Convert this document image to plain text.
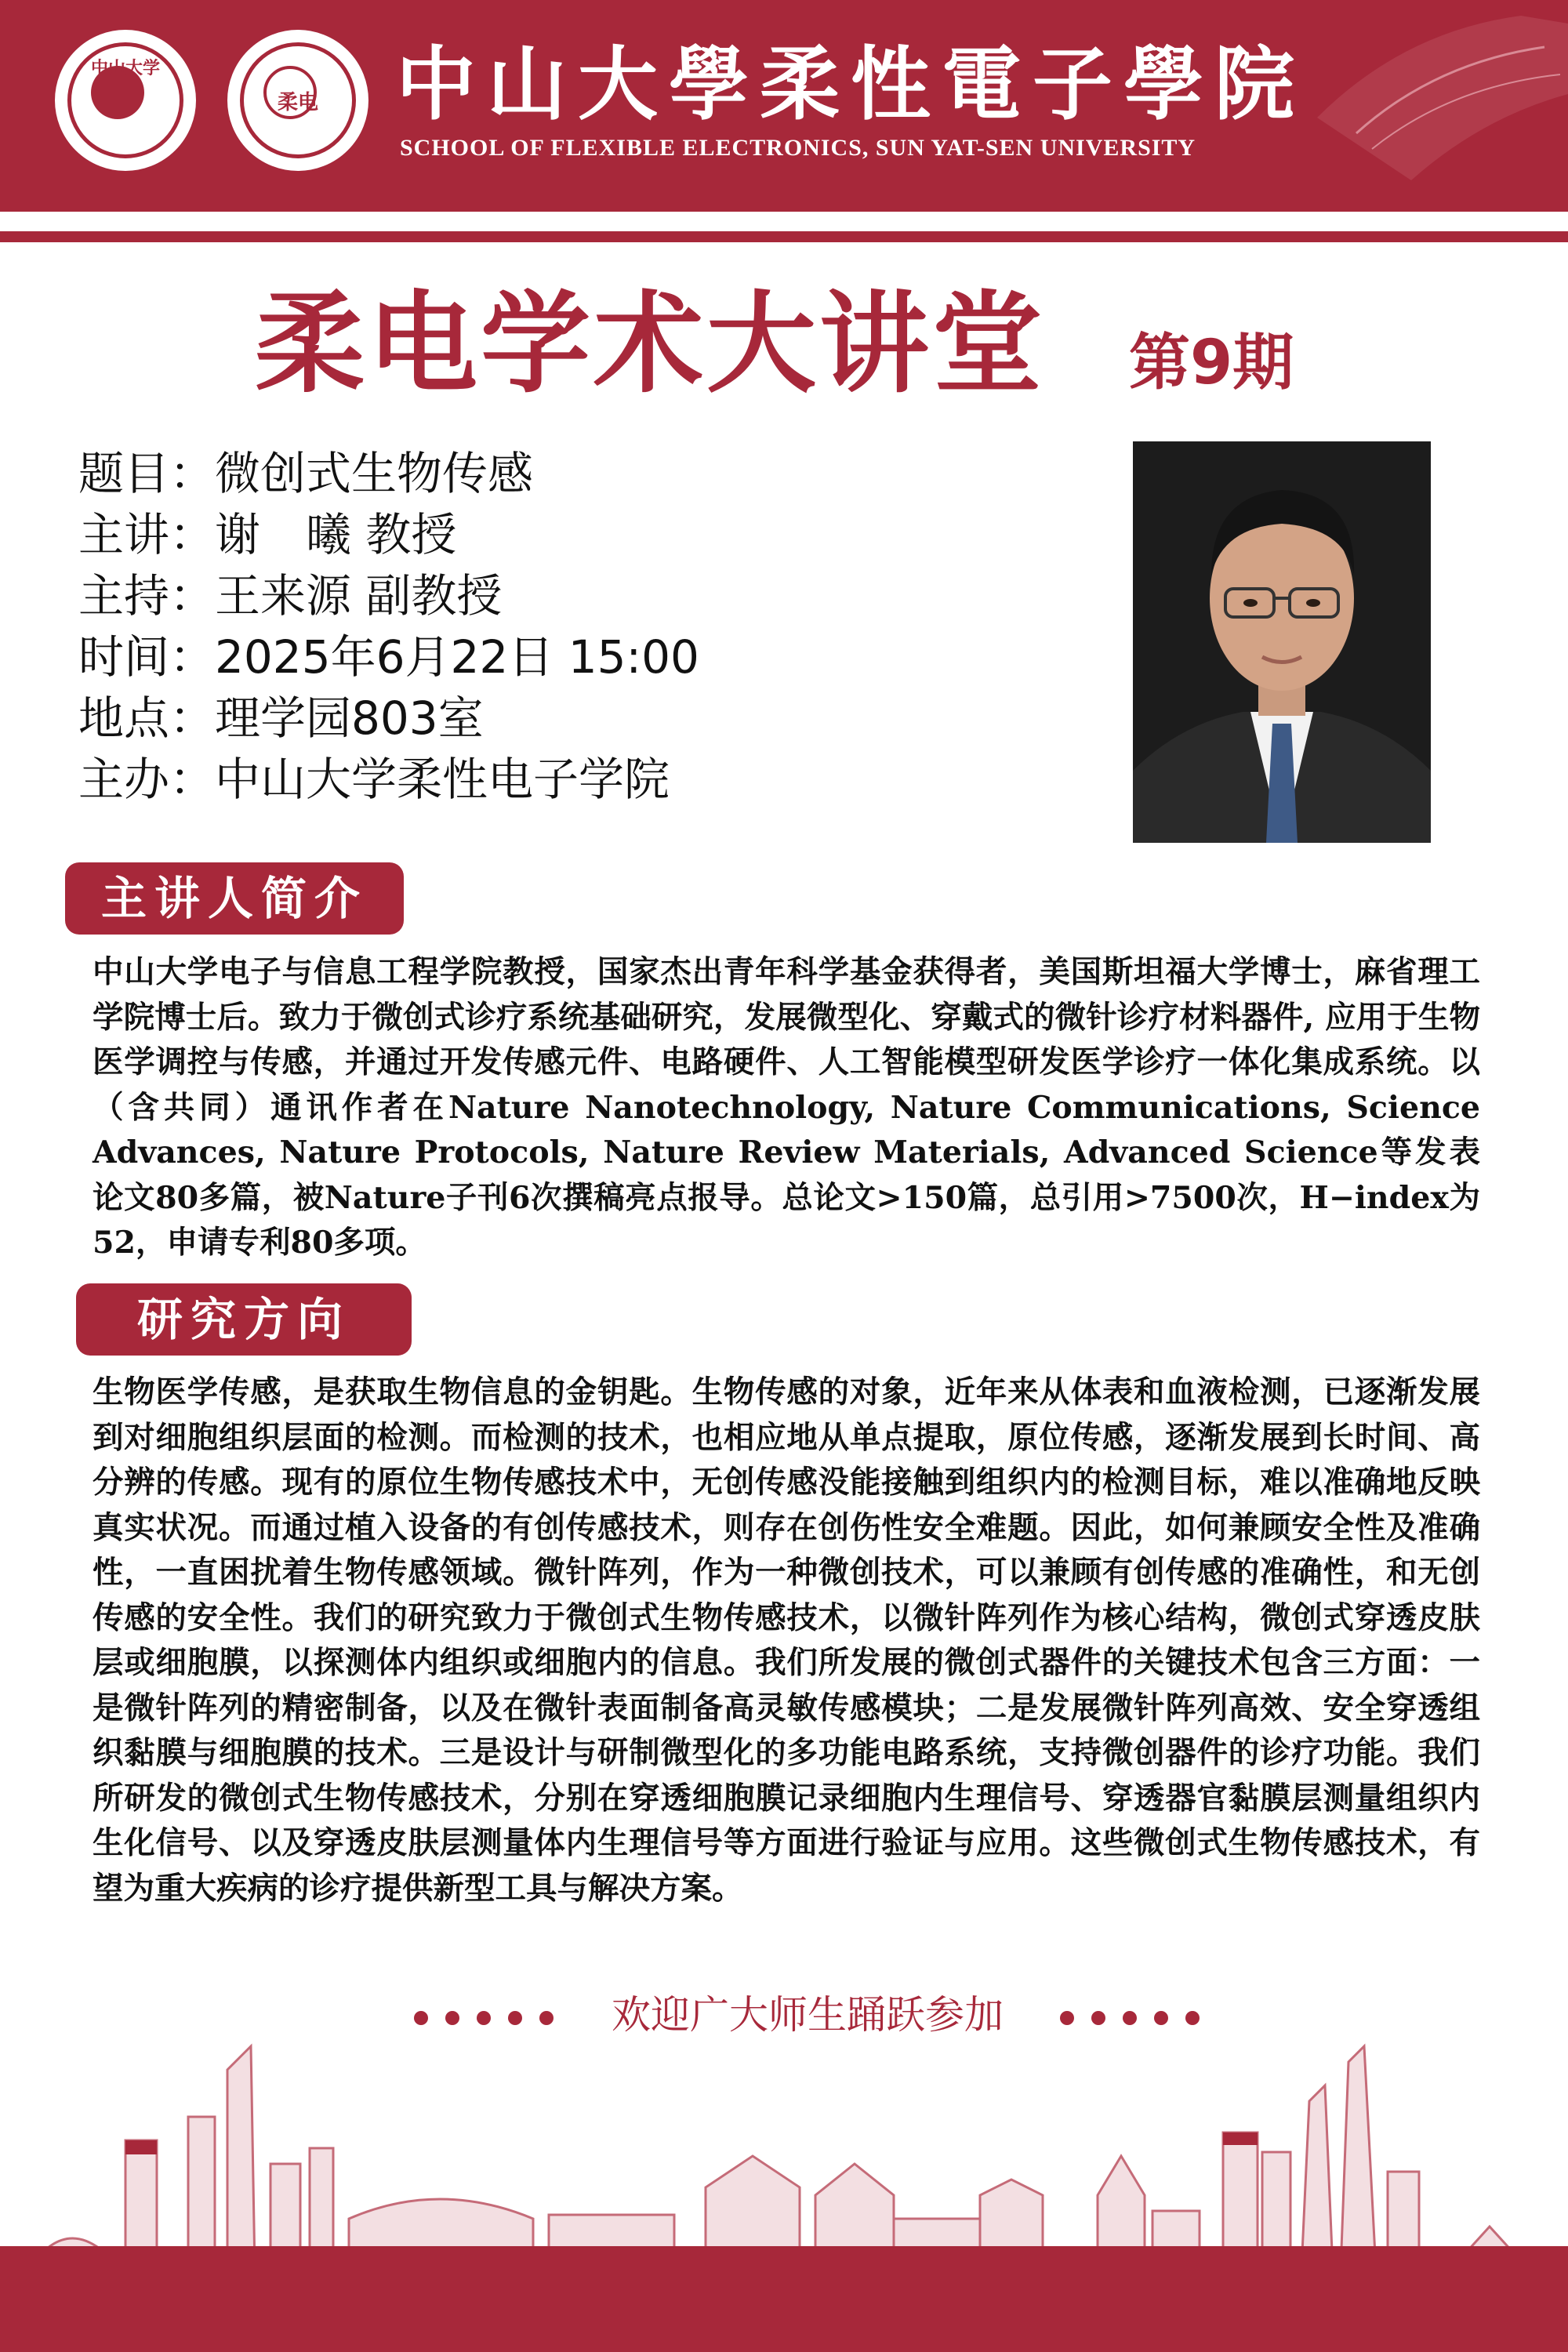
中山大学
柔电 中山大學柔性電子學院
SCHOOL OF FLEXIBLE ELECTRONICS, SUN YAT-SEN UNIVERSITY
柔电学术大讲堂	第9期
题目：微创式生物传感
主讲：谢　曦 教授
主持：王来源 副教授
时间：2025年6月22日 15:00
地点：理学园803室
主办：中山大学柔性电子学院
主讲人简介

中山大学电子与信息工程学院教授，国家杰出青年科学基金获得者，美国斯坦福大学博士，麻省理工学院博士后。致力于微创式诊疗系统基础研究，发展微型化、穿戴式的微针诊疗材料器件, 应用于生物医学调控与传感，并通过开发传感元件、电路硬件、人工智能模型研发医学诊疗一体化集成系统。以（含共同）通讯作者在Nature Nanotechnology, Nature Communications, Science Advances, Nature Protocols, Nature Review Materials, Advanced Science等发表论文80多篇，被Nature子刊6次撰稿亮点报导。总论文>150篇，总引用>7500次，H−index为52，申请专利80多项。

研究方向

生物医学传感，是获取生物信息的金钥匙。生物传感的对象，近年来从体表和血液检测，已逐渐发展到对细胞组织层面的检测。而检测的技术，也相应地从单点提取，原位传感，逐渐发展到长时间、高分辨的传感。现有的原位生物传感技术中，无创传感没能接触到组织内的检测目标，难以准确地反映真实状况。而通过植入设备的有创传感技术，则存在创伤性安全难题。因此，如何兼顾安全性及准确性，一直困扰着生物传感领域。微针阵列，作为一种微创技术，可以兼顾有创传感的准确性，和无创传感的安全性。我们的研究致力于微创式生物传感技术，以微针阵列作为核心结构，微创式穿透皮肤层或细胞膜，以探测体内组织或细胞内的信息。我们所发展的微创式器件的关键技术包含三方面：一是微针阵列的精密制备，以及在微针表面制备高灵敏传感模块；二是发展微针阵列高效、安全穿透组织黏膜与细胞膜的技术。三是设计与研制微型化的多功能电路系统，支持微创器件的诊疗功能。我们所研发的微创式生物传感技术，分别在穿透细胞膜记录细胞内生理信号、穿透器官黏膜层测量组织内生化信号、以及穿透皮肤层测量体内生理信号等方面进行验证与应用。这些微创式生物传感技术，有望为重大疾病的诊疗提供新型工具与解决方案。

欢迎广大师生踊跃参加
